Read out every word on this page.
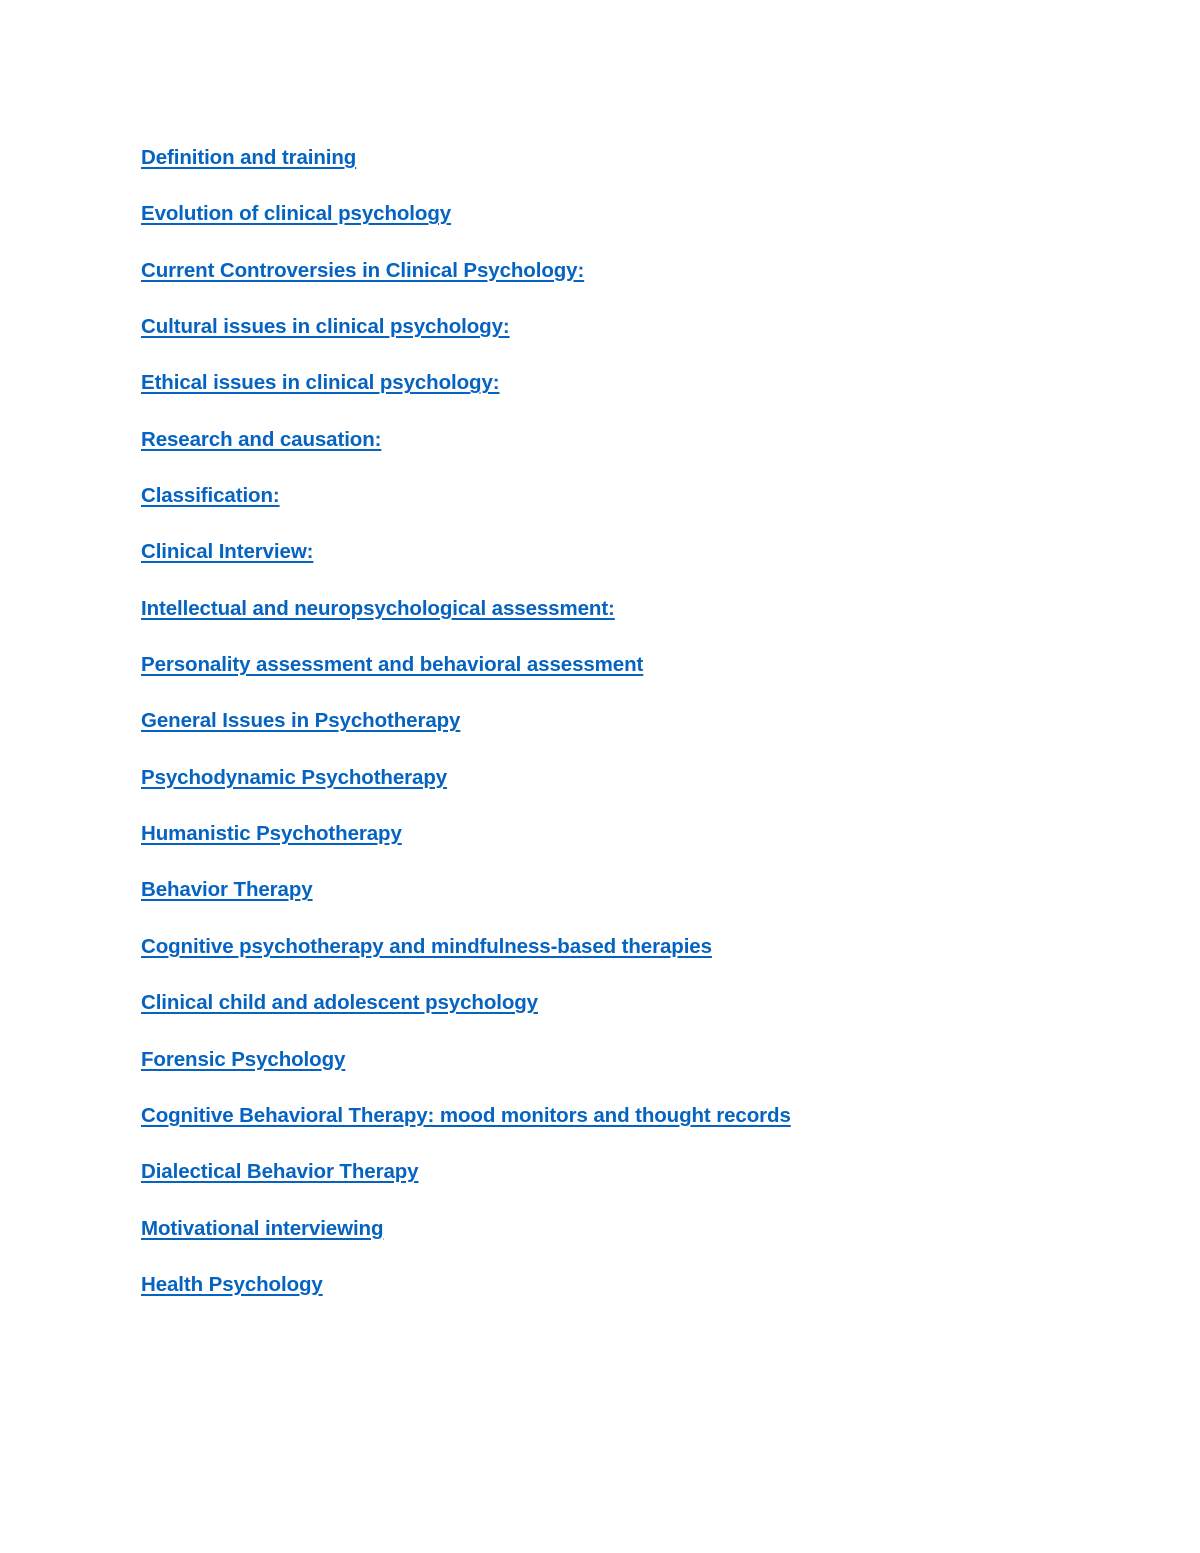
Definition and training
Evolution of clinical psychology
Current Controversies in Clinical Psychology:
Cultural issues in clinical psychology:
Ethical issues in clinical psychology:
Research and causation:
Classification:
Clinical Interview:
Intellectual and neuropsychological assessment:
Personality assessment and behavioral assessment
General Issues in Psychotherapy
Psychodynamic Psychotherapy
Humanistic Psychotherapy
Behavior Therapy
Cognitive psychotherapy and mindfulness-based therapies
Clinical child and adolescent psychology
Forensic Psychology
Cognitive Behavioral Therapy: mood monitors and thought records
Dialectical Behavior Therapy
Motivational interviewing
Health Psychology
